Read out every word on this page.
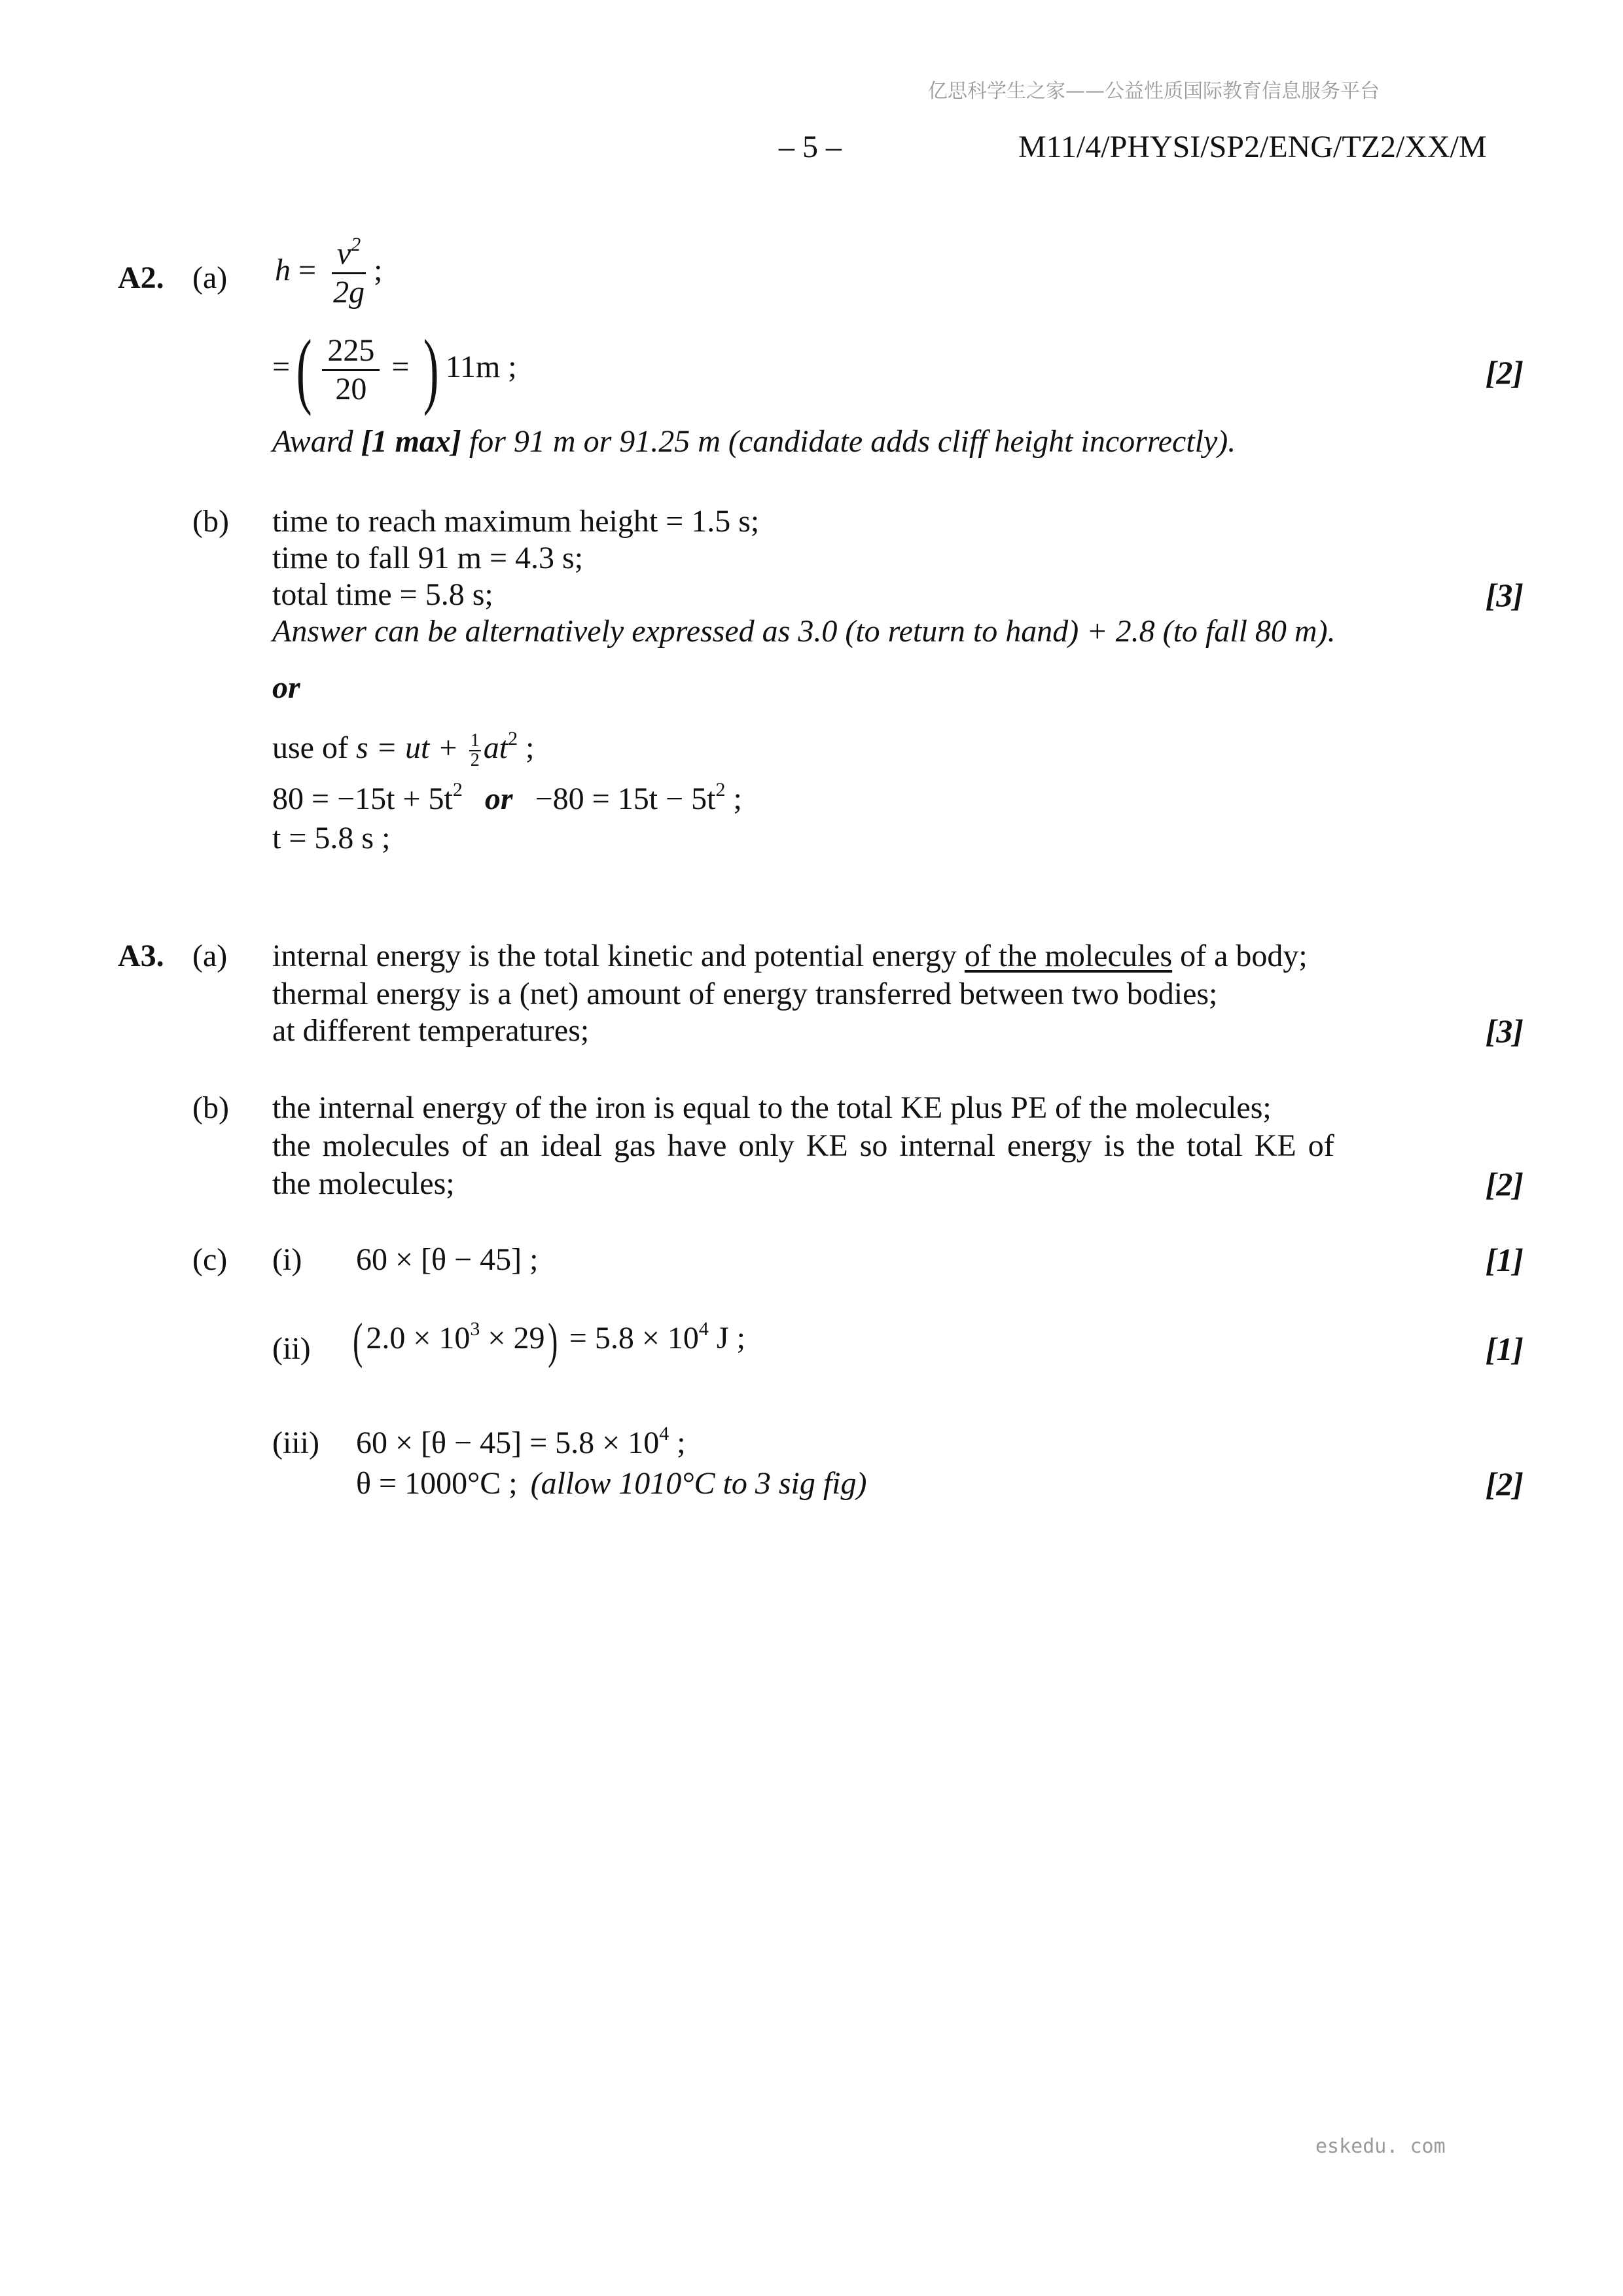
亿思科学生之家——公益性质国际教育信息服务平台
– 5 –	M11/4/PHYSI/SP2/ENG/TZ2/XX/M
A2. (a) $h = \frac{v^2}{2g}$ ;
=( $\frac{225}{20}$ = ) 11m ;	[2]
Award [1 max] for 91 m or 91.25 m (candidate adds cliff height incorrectly).
(b) time to reach maximum height = 1.5 s;
time to fall 91 m = 4.3 s;
total time = 5.8 s;	[3]
Answer can be alternatively expressed as 3.0 (to return to hand) + 2.8 (to fall 80 m).
or
use of s = ut + $\frac{1}{2} at^2$ ;
$80 = -15t + 5t^2$ or $-80 = 15t - 5t^2$ ;
t = 5.8 s ;
A3. (a) internal energy is the total kinetic and potential energy of the molecules of a body;
thermal energy is a (net) amount of energy transferred between two bodies;
at different temperatures;	[3]
(b) the internal energy of the iron is equal to the total KE plus PE of the molecules;
the molecules of an ideal gas have only KE so internal energy is the total KE of
the molecules;	[2]
(c) (i) 60 × [θ − 45] ;	[1]
(ii) ( $2.0 \times 10^3 \times 29) = 5.8 \times 10^4$ J ;	[1]
(iii) $60 \times [\theta - 45] = 5.8 \times 10^4$ ;
θ = 1000°C ; (allow 1010°C to 3 sig fig)	[2]
eskedu. com
